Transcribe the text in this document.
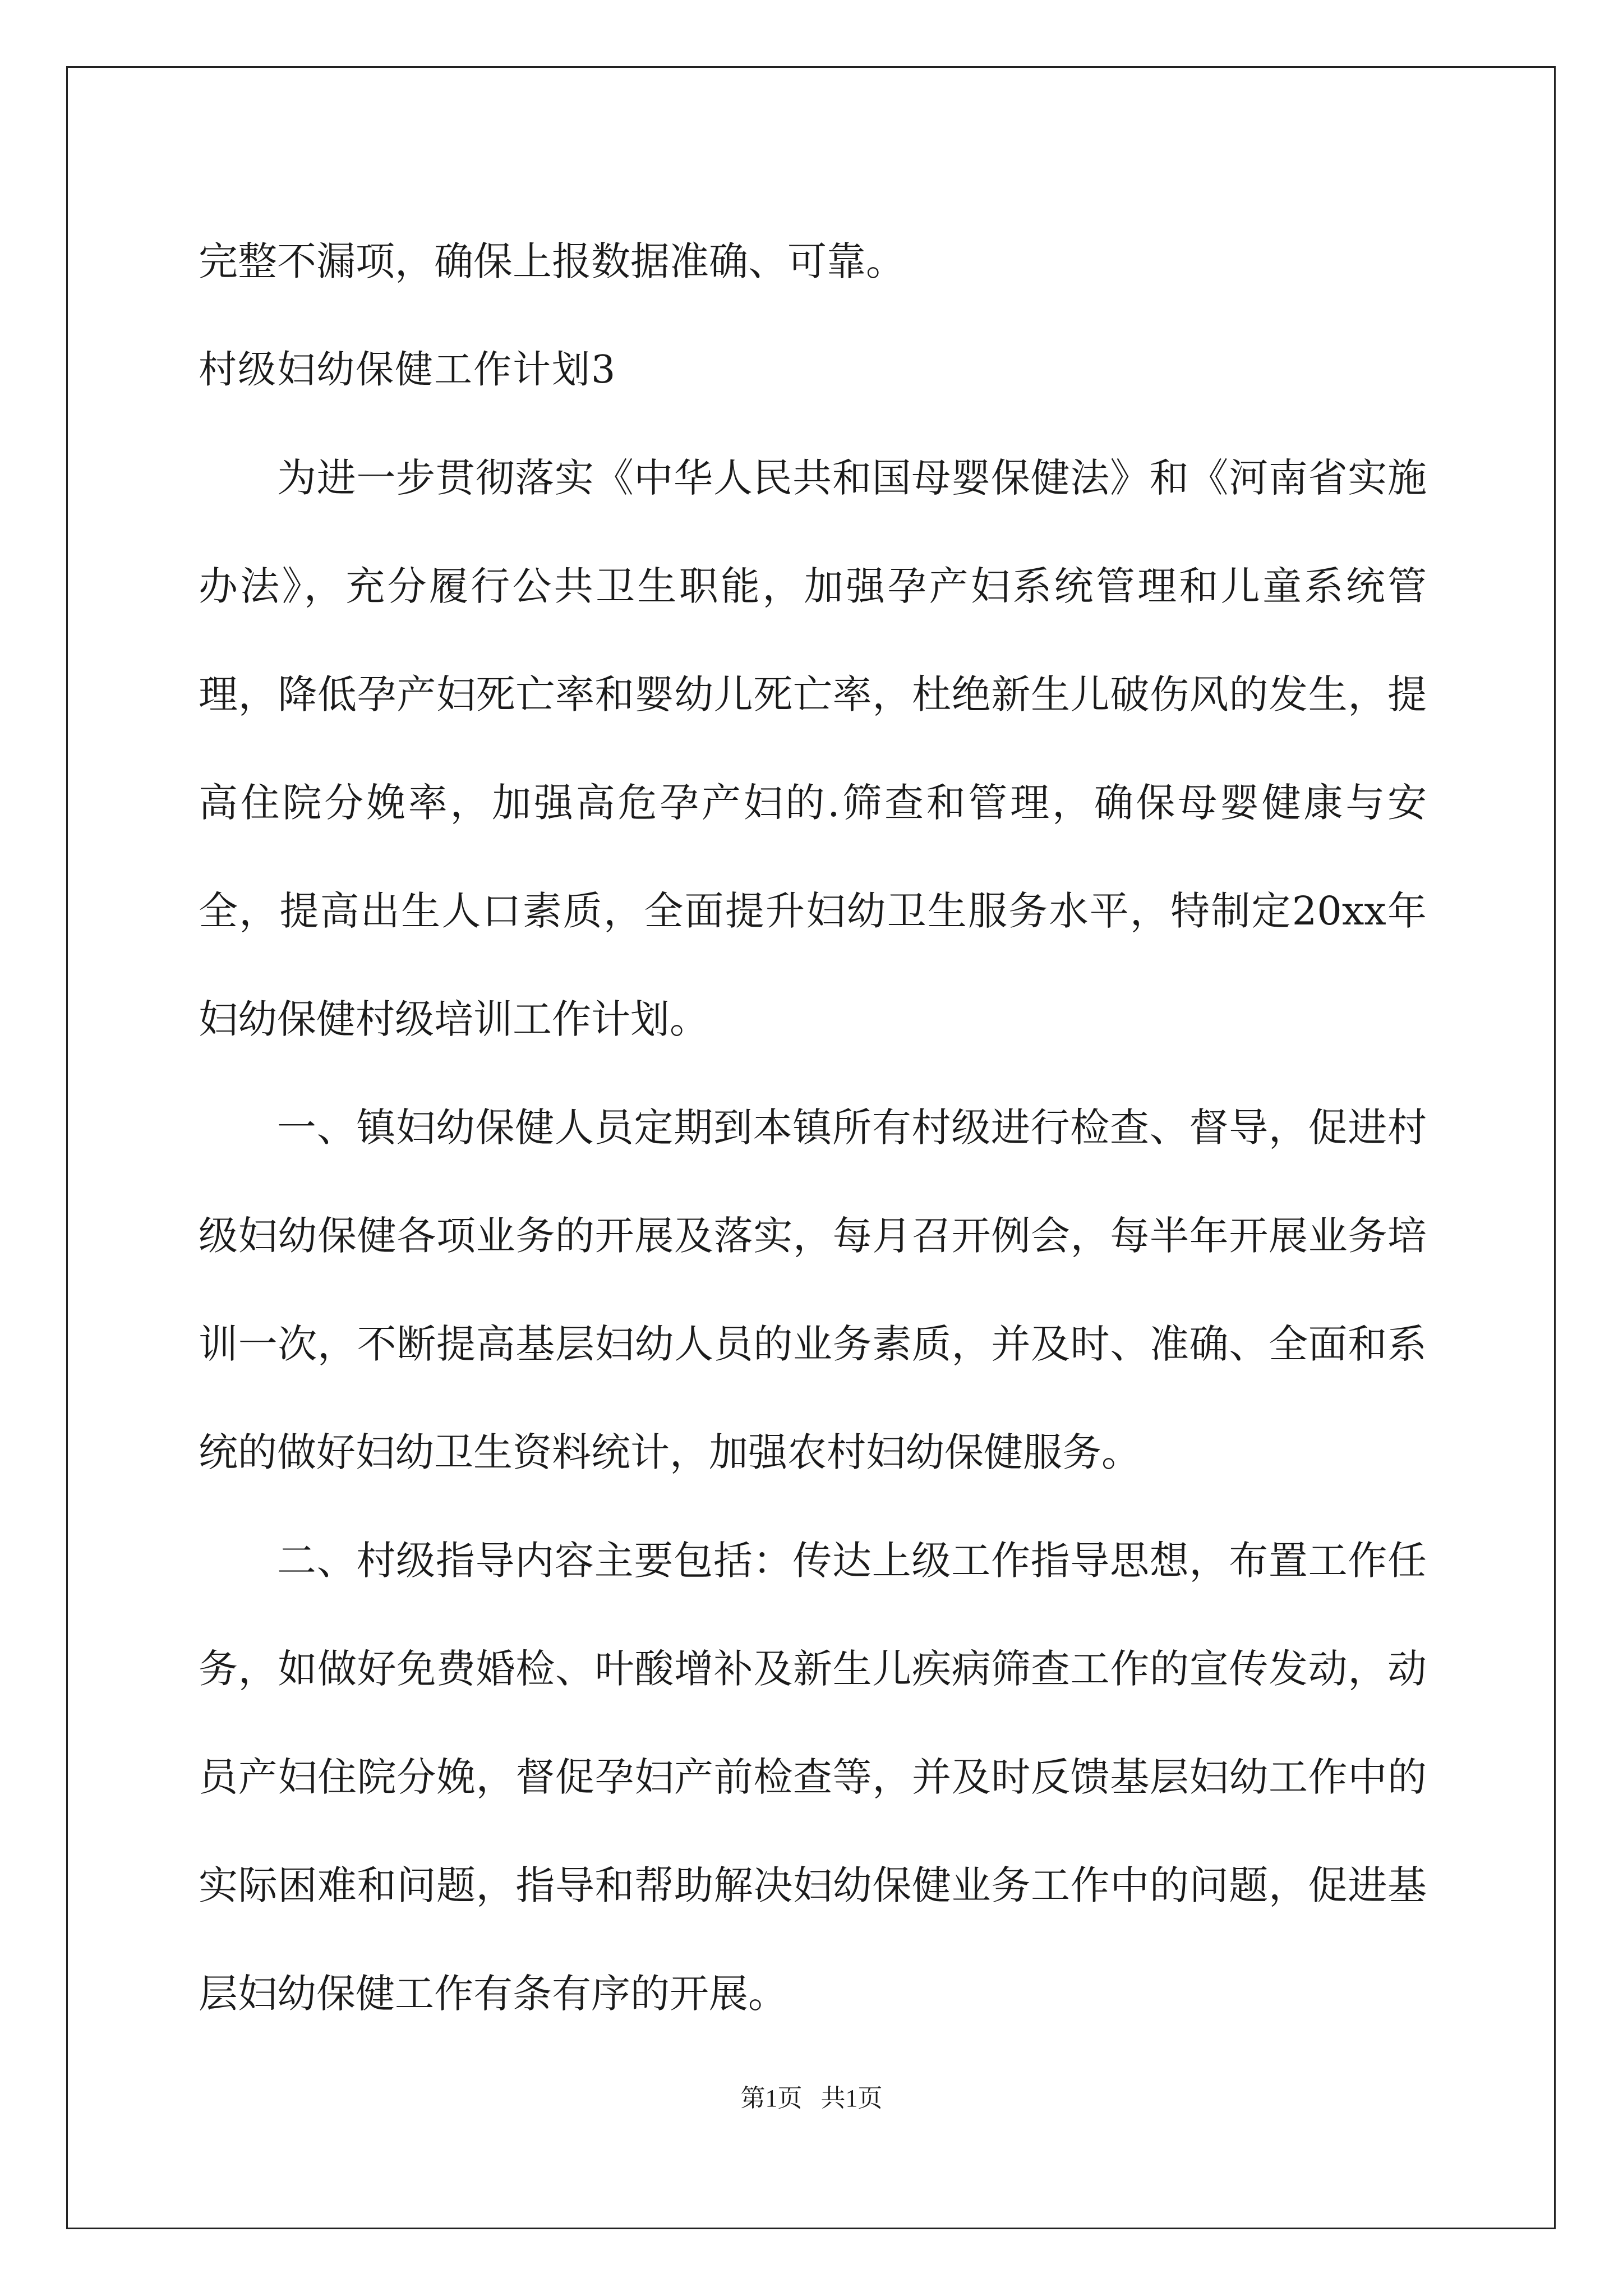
完整不漏项，确保上报数据准确、可靠。

村级妇幼保健工作计划3

为进一步贯彻落实《中华人民共和国母婴保健法》和《河南省实施办法》，充分履行公共卫生职能，加强孕产妇系统管理和儿童系统管理，降低孕产妇死亡率和婴幼儿死亡率，杜绝新生儿破伤风的发生，提高住院分娩率，加强高危孕产妇的.筛查和管理，确保母婴健康与安全，提高出生人口素质，全面提升妇幼卫生服务水平，特制定20xx年妇幼保健村级培训工作计划。

一、镇妇幼保健人员定期到本镇所有村级进行检查、督导，促进村级妇幼保健各项业务的开展及落实，每月召开例会，每半年开展业务培训一次，不断提高基层妇幼人员的业务素质，并及时、准确、全面和系统的做好妇幼卫生资料统计，加强农村妇幼保健服务。

二、村级指导内容主要包括：传达上级工作指导思想，布置工作任务，如做好免费婚检、叶酸增补及新生儿疾病筛查工作的宣传发动，动员产妇住院分娩，督促孕妇产前检查等，并及时反馈基层妇幼工作中的实际困难和问题，指导和帮助解决妇幼保健业务工作中的问题，促进基层妇幼保健工作有条有序的开展。

第1页   共1页
